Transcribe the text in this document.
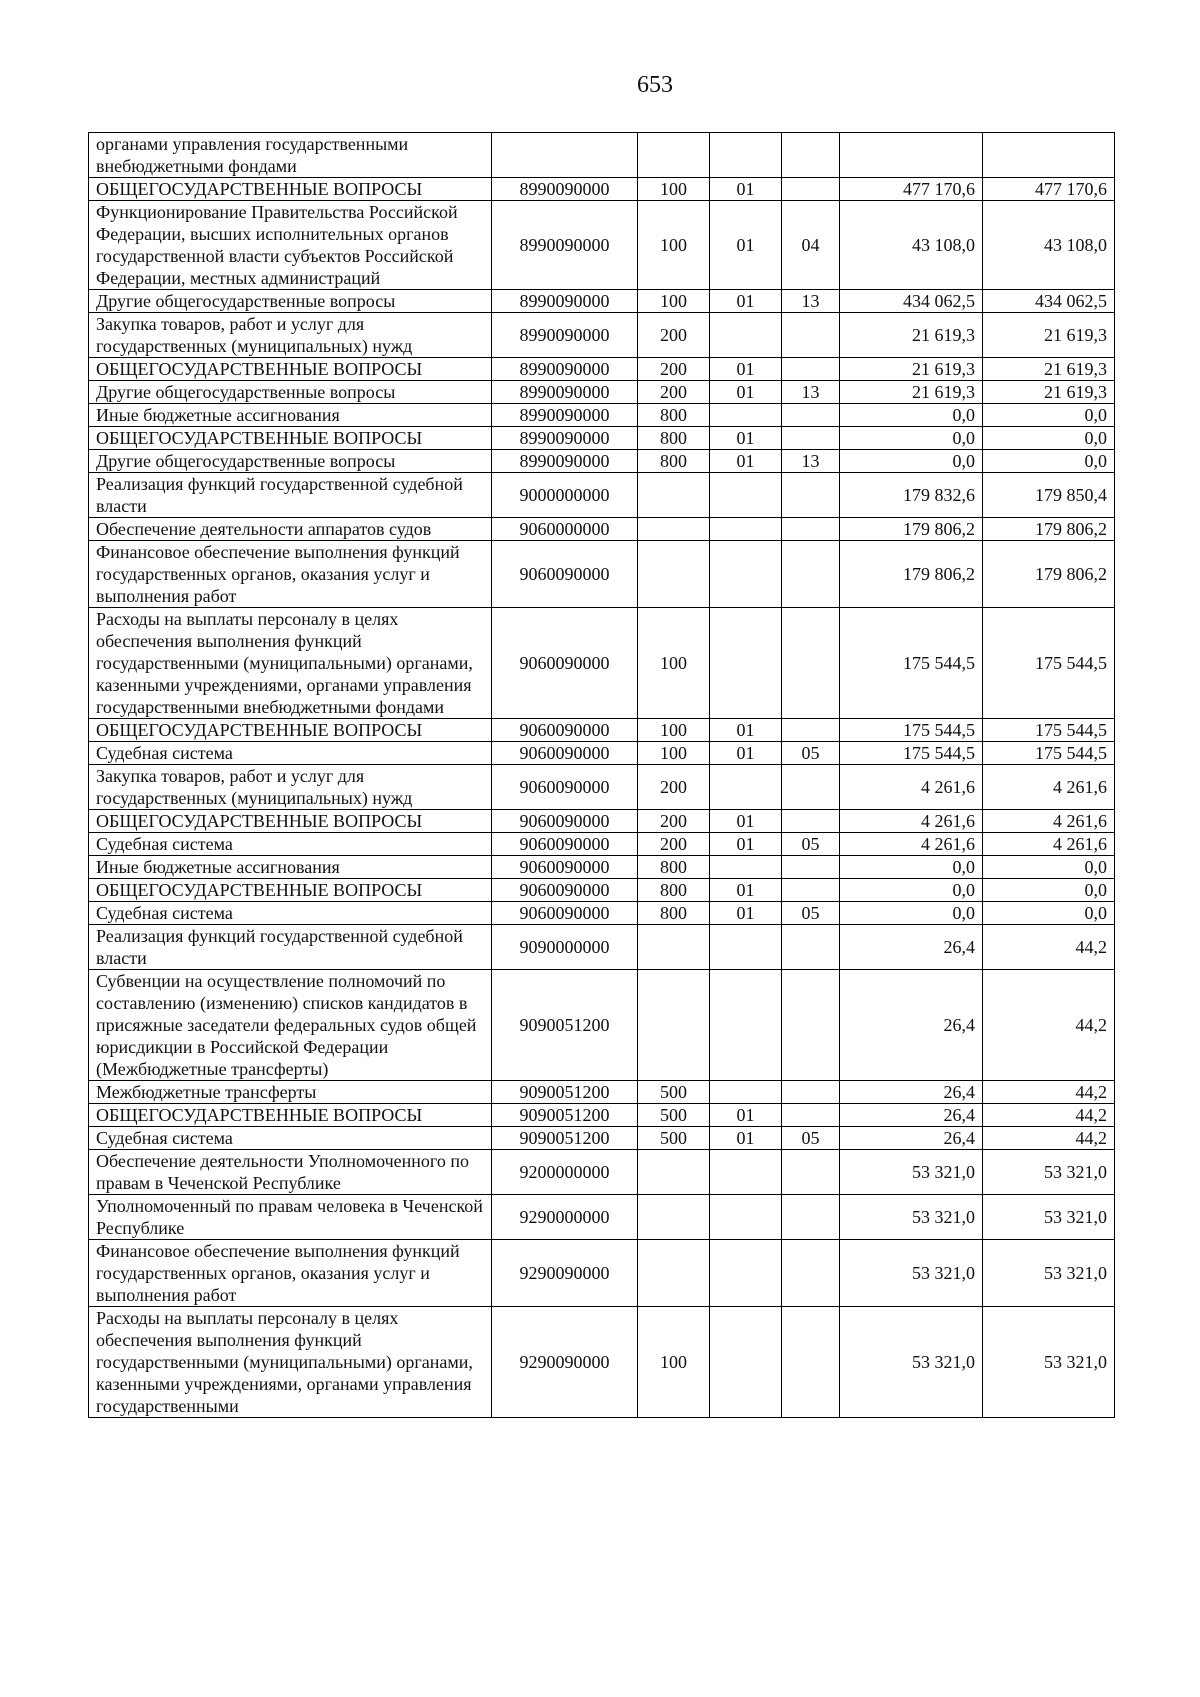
653
органами управления государственными внебюджетными фондами						
ОБЩЕГОСУДАРСТВЕННЫЕ ВОПРОСЫ	8990090000	100	01		477 170,6	477 170,6
Функционирование Правительства Российской Федерации, высших исполнительных органов государственной власти субъектов Российской Федерации, местных администраций	8990090000	100	01	04	43 108,0	43 108,0
Другие общегосударственные вопросы	8990090000	100	01	13	434 062,5	434 062,5
Закупка товаров, работ и услуг для государственных (муниципальных) нужд	8990090000	200			21 619,3	21 619,3
ОБЩЕГОСУДАРСТВЕННЫЕ ВОПРОСЫ	8990090000	200	01		21 619,3	21 619,3
Другие общегосударственные вопросы	8990090000	200	01	13	21 619,3	21 619,3
Иные бюджетные ассигнования	8990090000	800			0,0	0,0
ОБЩЕГОСУДАРСТВЕННЫЕ ВОПРОСЫ	8990090000	800	01		0,0	0,0
Другие общегосударственные вопросы	8990090000	800	01	13	0,0	0,0
Реализация функций государственной судебной власти	9000000000				179 832,6	179 850,4
Обеспечение деятельности аппаратов судов	9060000000				179 806,2	179 806,2
Финансовое обеспечение выполнения функций государственных органов, оказания услуг и выполнения работ	9060090000				179 806,2	179 806,2
Расходы на выплаты персоналу в целях обеспечения выполнения функций государственными (муниципальными) органами, казенными учреждениями, органами управления государственными внебюджетными фондами	9060090000	100			175 544,5	175 544,5
ОБЩЕГОСУДАРСТВЕННЫЕ ВОПРОСЫ	9060090000	100	01		175 544,5	175 544,5
Судебная система	9060090000	100	01	05	175 544,5	175 544,5
Закупка товаров, работ и услуг для государственных (муниципальных) нужд	9060090000	200			4 261,6	4 261,6
ОБЩЕГОСУДАРСТВЕННЫЕ ВОПРОСЫ	9060090000	200	01		4 261,6	4 261,6
Судебная система	9060090000	200	01	05	4 261,6	4 261,6
Иные бюджетные ассигнования	9060090000	800			0,0	0,0
ОБЩЕГОСУДАРСТВЕННЫЕ ВОПРОСЫ	9060090000	800	01		0,0	0,0
Судебная система	9060090000	800	01	05	0,0	0,0
Реализация функций государственной судебной власти	9090000000				26,4	44,2
Субвенции на осуществление полномочий по составлению (изменению) списков кандидатов в присяжные заседатели федеральных судов общей юрисдикции в Российской Федерации (Межбюджетные трансферты)	9090051200				26,4	44,2
Межбюджетные трансферты	9090051200	500			26,4	44,2
ОБЩЕГОСУДАРСТВЕННЫЕ ВОПРОСЫ	9090051200	500	01		26,4	44,2
Судебная система	9090051200	500	01	05	26,4	44,2
Обеспечение деятельности Уполномоченного по правам в Чеченской Республике	9200000000				53 321,0	53 321,0
Уполномоченный по правам человека в Чеченской Республике	9290000000				53 321,0	53 321,0
Финансовое обеспечение выполнения функций государственных органов, оказания услуг и выполнения работ	9290090000				53 321,0	53 321,0
Расходы на выплаты персоналу в целях обеспечения выполнения функций государственными (муниципальными) органами, казенными учреждениями, органами управления государственными	9290090000	100			53 321,0	53 321,0
